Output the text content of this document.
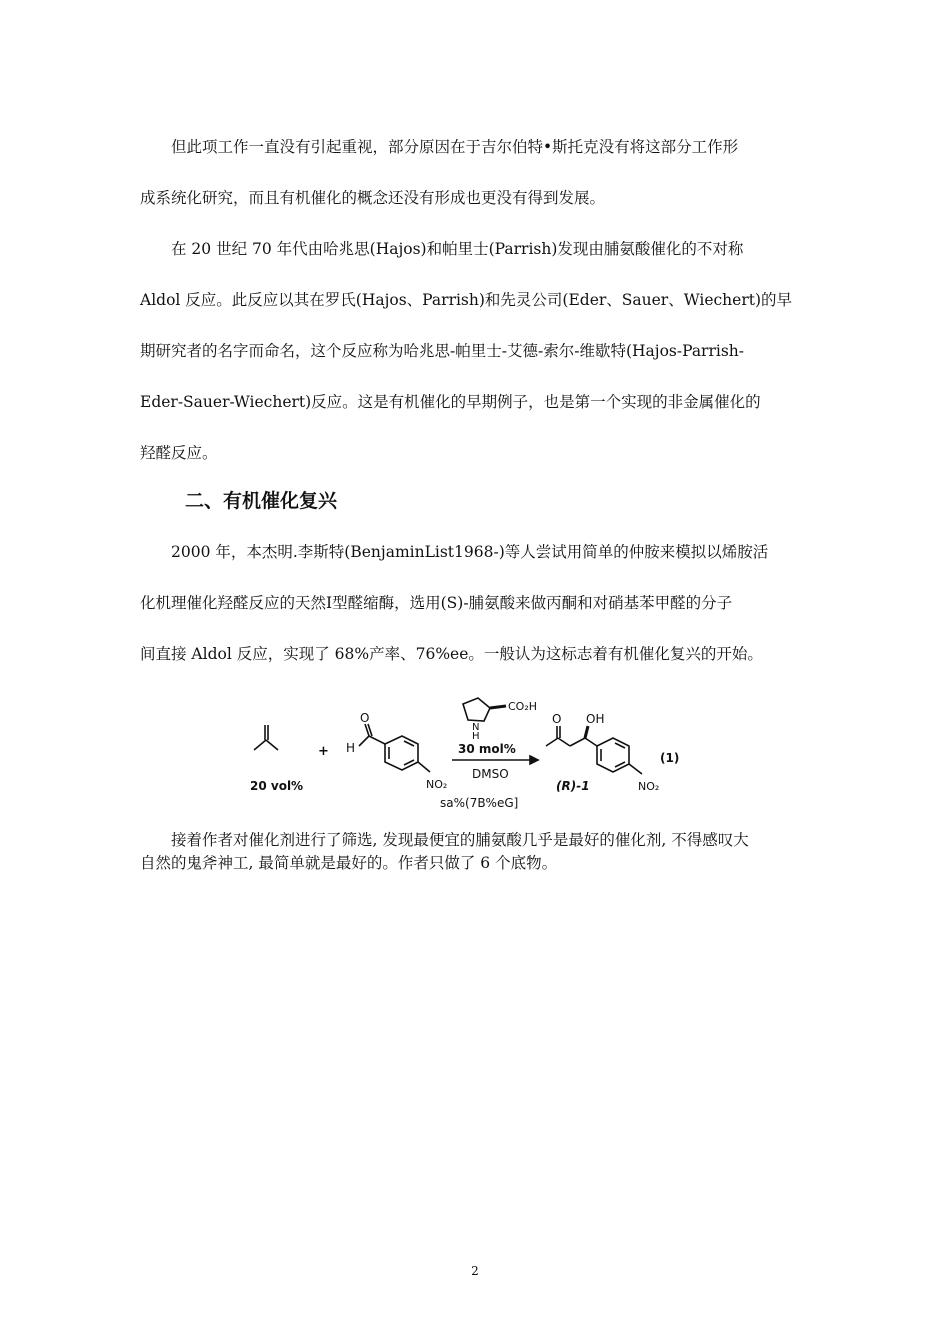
　　但此项工作一直没有引起重视，部分原因在于吉尔伯特•斯托克没有将这部分工作形
成系统化研究，而且有机催化的概念还没有形成也更没有得到发展。
　　在 20 世纪 70 年代由哈兆思(Hajos)和帕里士(Parrish)发现由脯氨酸催化的不对称
Aldol 反应。此反应以其在罗氏(Hajos、Parrish)和先灵公司(Eder、Sauer、Wiechert)的早
期研究者的名字而命名，这个反应称为哈兆思-帕里士-艾德-索尔-维歇特(Hajos-Parrish-
Eder-Sauer-Wiechert)反应。这是有机催化的早期例子，也是第一个实现的非金属催化的
羟醛反应。
二、有机催化复兴
　　2000 年，本杰明.李斯特(BenjaminList1968-)等人尝试用简单的仲胺来模拟以烯胺活
化机理催化羟醛反应的天然Ⅰ型醛缩酶，选用(S)-脯氨酸来做丙酮和对硝基苯甲醛的分子
间直接 Aldol 反应，实现了 68%产率、76%ee。一般认为这标志着有机催化复兴的开始。
20 vol%
+ H
O
NO₂
CO₂H
N
H
30 mol%
DMSO
sa%(7B%eG]
O OH
NO₂
(R)-1
(1)
　　接着作者对催化剂进行了筛选, 发现最便宜的脯氨酸几乎是最好的催化剂, 不得感叹大
自然的鬼斧神工, 最简单就是最好的。作者只做了 6 个底物。
2
